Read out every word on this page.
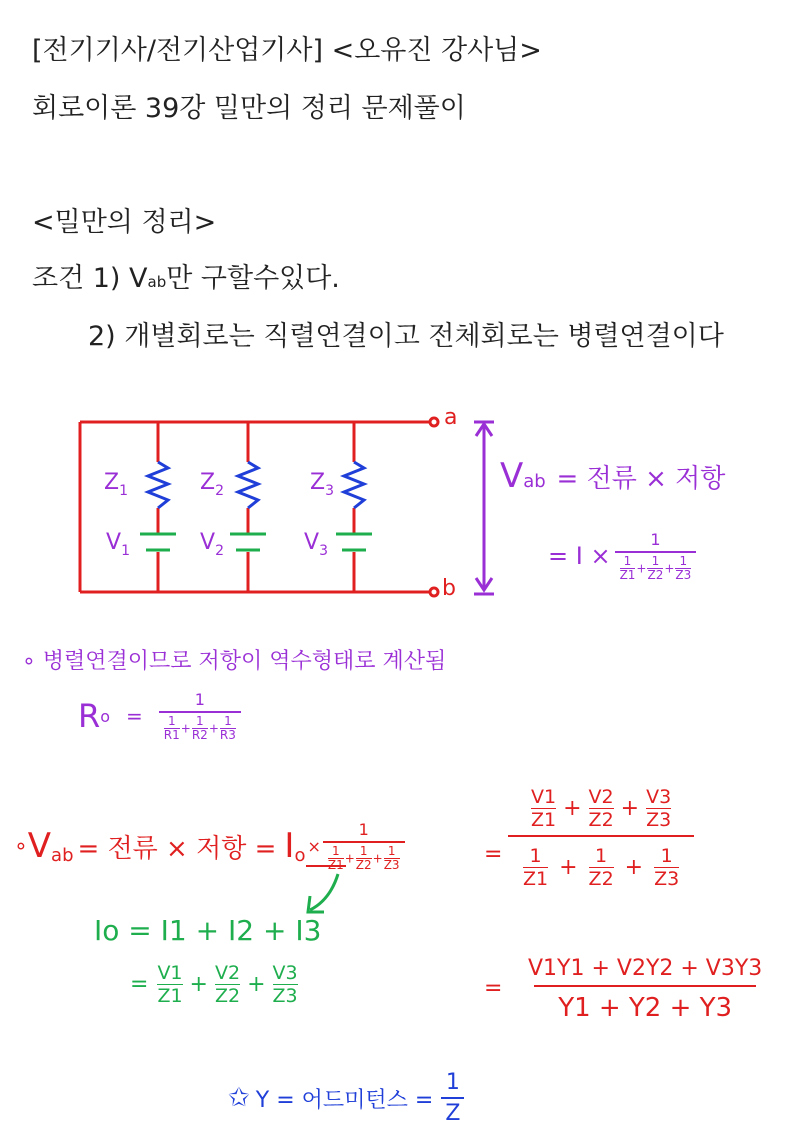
[전기기사/전기산업기사] <오유진 강사님>
회로이론 39강 밀만의 정리 문제풀이
<밀만의 정리>
조건 1) Vab만 구할수있다.
2) 개별회로는 직렬연결이고 전체회로는 병렬연결이다
$Z_1$	$Z_2$	$Z_3$
$V_1$	$V_2$	$V_3$
a
b
Vab = 전류 × 저항
= $I \times \frac{1}{\frac{1}{Z1} + \frac{1}{Z2} + \frac{1}{Z3}}$
∘ 병렬연결이므로 저항이 역수형태로 계산됨
R $o = \frac{1}{\frac{1}{R1} + \frac{1}{R2} + \frac{1}{R3}}$
∘ V ab = 전류 × 저항 = I $o \times \frac{1}{\frac{1}{Z1} + \frac{1}{Z2} + \frac{1}{Z3}}$	= $\frac{\frac{V1}{Z1} + \frac{V2}{Z2} + \frac{V3}{Z3}}{\frac{1}{Z1} + \frac{1}{Z2} + \frac{1}{Z3}}$
Io = I1 + I2 + I3
= $\frac{V1}{Z1} + \frac{V2}{Z2} + \frac{V3}{Z3}$	= $\frac{V1Y1 + V2Y2 + V3Y3}{Y1 + Y2 + Y3}$
✩ Y = 어드미턴스 = $\frac{1}{Z}$
